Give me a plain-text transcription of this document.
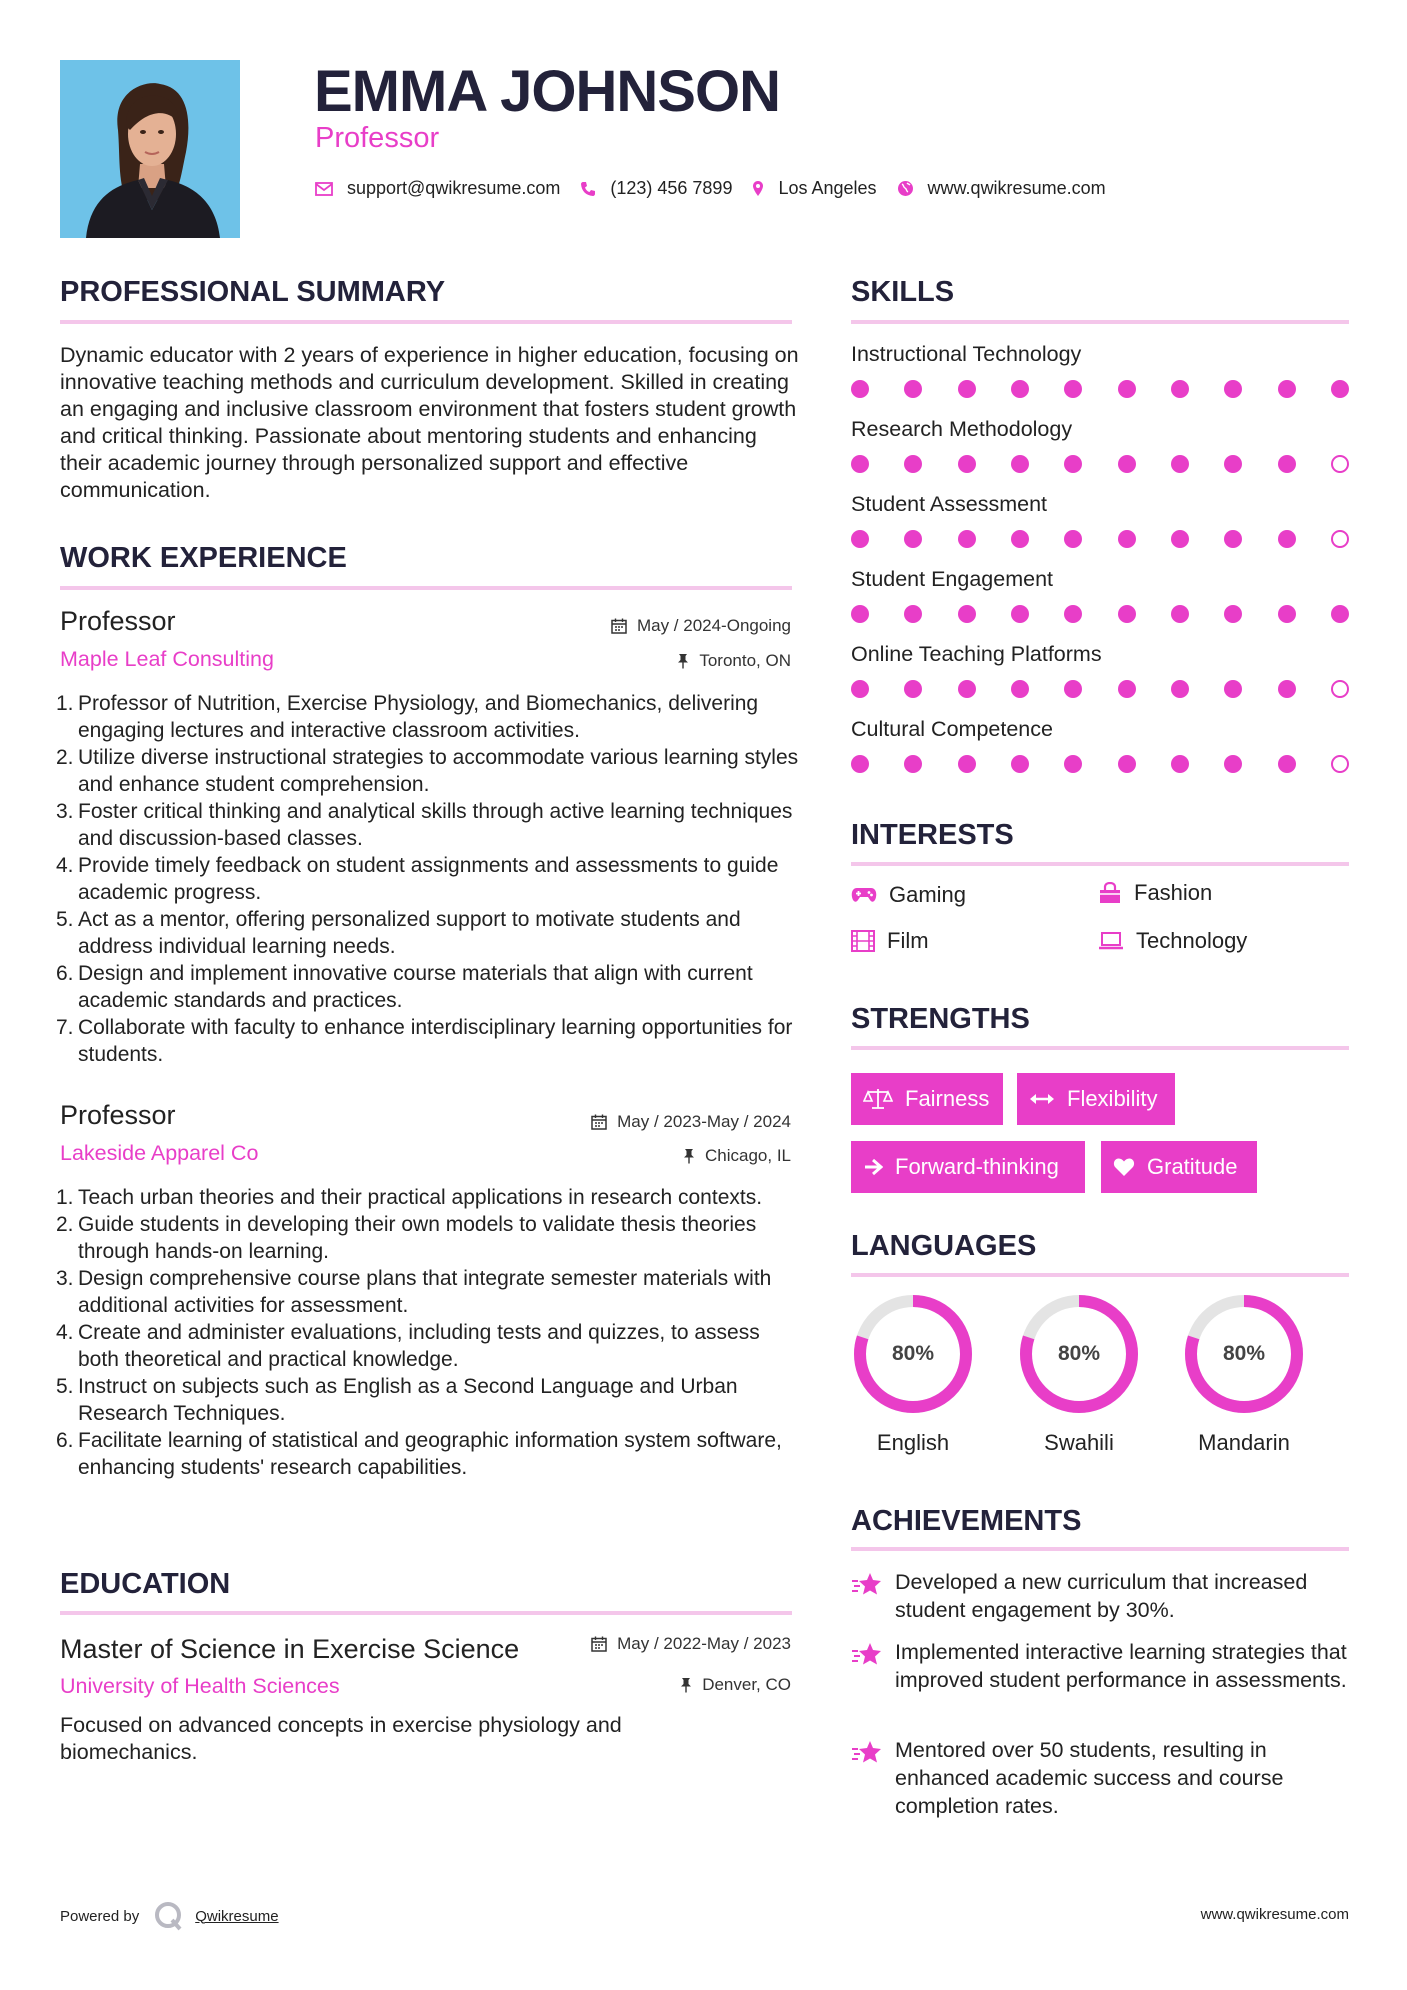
EMMA JOHNSON
Professor
support@qwikresume.com	(123) 456 7899	Los Angeles	www.qwikresume.com
PROFESSIONAL SUMMARY
Dynamic educator with 2 years of experience in higher education, focusing on innovative teaching methods and curriculum development. Skilled in creating an engaging and inclusive classroom environment that fosters student growth and critical thinking. Passionate about mentoring students and enhancing their academic journey through personalized support and effective communication.
WORK EXPERIENCE
Professor	May / 2024-Ongoing
Maple Leaf Consulting	Toronto, ON
1. Professor of Nutrition, Exercise Physiology, and Biomechanics, delivering engaging lectures and interactive classroom activities.
2. Utilize diverse instructional strategies to accommodate various learning styles and enhance student comprehension.
3. Foster critical thinking and analytical skills through active learning techniques and discussion-based classes.
4. Provide timely feedback on student assignments and assessments to guide academic progress.
5. Act as a mentor, offering personalized support to motivate students and address individual learning needs.
6. Design and implement innovative course materials that align with current academic standards and practices.
7. Collaborate with faculty to enhance interdisciplinary learning opportunities for students.
Professor	May / 2023-May / 2024
Lakeside Apparel Co	Chicago, IL
1. Teach urban theories and their practical applications in research contexts.
2. Guide students in developing their own models to validate thesis theories through hands-on learning.
3. Design comprehensive course plans that integrate semester materials with additional activities for assessment.
4. Create and administer evaluations, including tests and quizzes, to assess both theoretical and practical knowledge.
5. Instruct on subjects such as English as a Second Language and Urban Research Techniques.
6. Facilitate learning of statistical and geographic information system software, enhancing students' research capabilities.
EDUCATION
Master of Science in Exercise Science	May / 2022-May / 2023
University of Health Sciences	Denver, CO
Focused on advanced concepts in exercise physiology and biomechanics.
SKILLS
Instructional Technology
Research Methodology
Student Assessment
Student Engagement
Online Teaching Platforms
Cultural Competence
INTERESTS
Gaming	Fashion
Film	Technology
STRENGTHS
Fairness	Flexibility
Forward-thinking	Gratitude
LANGUAGES
80%
English
80%
Swahili
80%
Mandarin
ACHIEVEMENTS
Developed a new curriculum that increased student engagement by 30%.
Implemented interactive learning strategies that improved student performance in assessments.
Mentored over 50 students, resulting in enhanced academic success and course completion rates.
Powered by	Qwikresume	www.qwikresume.com
